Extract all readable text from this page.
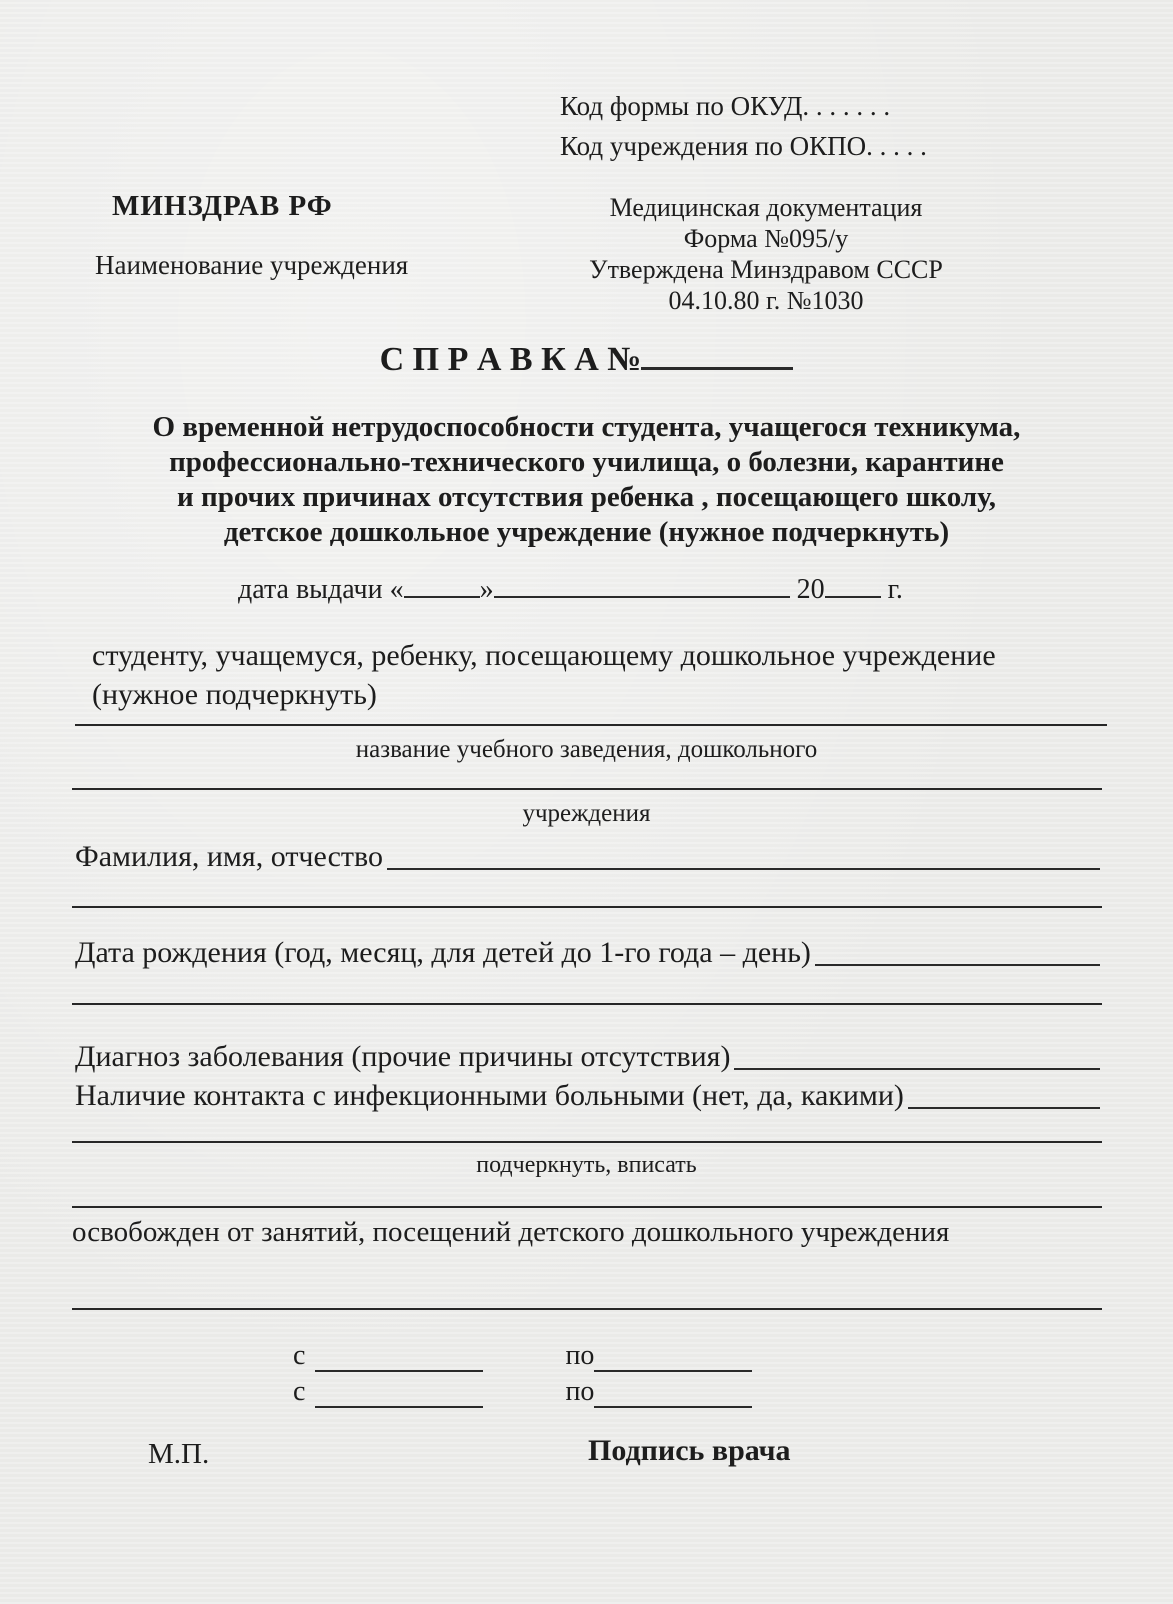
Код формы по ОКУД. . . . . . .
Код учреждения по ОКПО. . . . .
МИНЗДРАВ РФ
Наименование учреждения
Медицинская документация
Форма №095/у
Утверждена Минздравом СССР
04.10.80 г. №1030
С П Р А В К А №
О временной нетрудоспособности студента, учащегося техникума,
профессионально-технического училища, о болезни, карантине
и прочих причинах отсутствия ребенка , посещающего школу,
детское дошкольное учреждение (нужное подчеркнуть)
дата выдачи «	»	20 г.
студенту, учащемуся, ребенку, посещающему дошкольное учреждение
(нужное подчеркнуть)
название учебного заведения, дошкольного
учреждения
Фамилия, имя, отчество
Дата рождения (год, месяц, для детей до 1-го года – день)
Диагноз заболевания (прочие причины отсутствия)
Наличие контакта с инфекционными больными (нет, да, какими)
подчеркнуть, вписать
освобожден от занятий, посещений детского дошкольного учреждения
с	по
с	по
М.П.	Подпись врача
